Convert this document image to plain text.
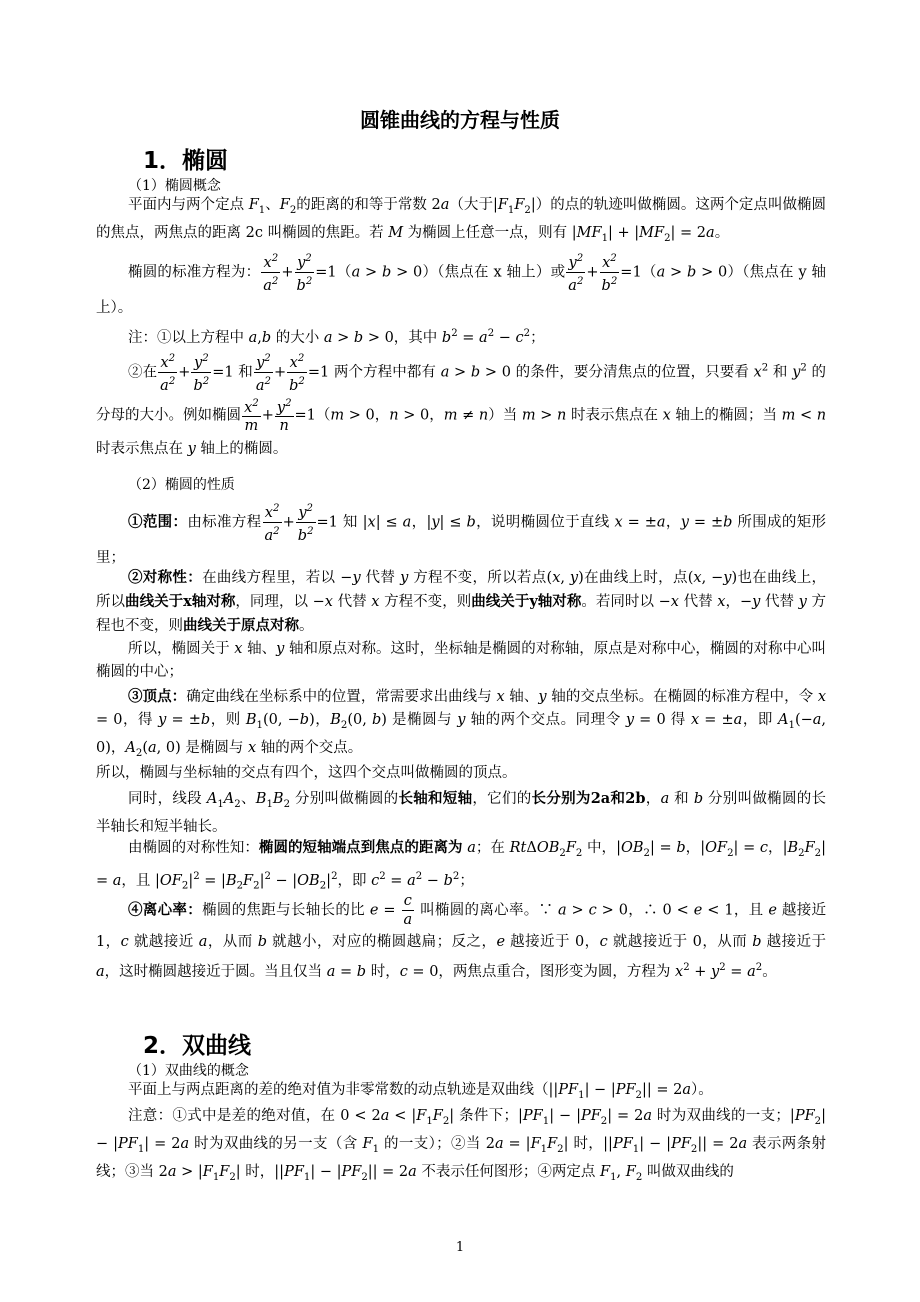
圆锥曲线的方程与性质
1．椭圆
（1）椭圆概念
平面内与两个定点 $F_1$、$F_2$的距离的和等于常数 2a（大于$|F_1F_2|$）的点的轨迹叫做椭圆。这两个定点叫做椭圆的焦点，两焦点的距离 2c 叫椭圆的焦距。若 M 为椭圆上任意一点，则有 $|MF_1| + |MF_2| = 2a$。
椭圆的标准方程为： $\frac{x^2}{a^2} + \frac{y^2}{b^2} =1(a > b > 0)$（焦点在 x 轴上）或 $\frac{y^2}{a^2} + \frac{x^2}{b^2} =1(a > b > 0)$（焦点在 y 轴上）。
注：①以上方程中 a,b 的大小 a > b > 0，其中 $b^2 = a^2 - c^2$；
②在 $\frac{x^2}{a^2} + \frac{y^2}{b^2} =1$ 和 $\frac{y^2}{a^2} + \frac{x^2}{b^2} =1$ 两个方程中都有 a > b > 0 的条件，要分清焦点的位置，只要看 $x^2$ 和 $y^2$ 的分母的大小。例如椭圆 $\frac{x^2}{m} + \frac{y^2}{n} =1(m > 0$，n > 0，m ≠ n）当 m > n 时表示焦点在 x 轴上的椭圆；当 m < n 时表示焦点在 y 轴上的椭圆。
（2）椭圆的性质
①范围：由标准方程 $\frac{x^2}{a^2} + \frac{y^2}{b^2} =1$ 知 |x| ≤ a，|y| ≤ b，说明椭圆位于直线 x = ±a，y = ±b 所围成的矩形里；
②对称性：在曲线方程里，若以 −y 代替 y 方程不变，所以若点(x, y)在曲线上时，点(x, −y)也在曲线上，所以曲线关于x轴对称，同理，以 −x 代替 x 方程不变，则曲线关于y轴对称。若同时以 −x 代替 x，−y 代替 y 方程也不变，则曲线关于原点对称。
所以，椭圆关于 x 轴、y 轴和原点对称。这时，坐标轴是椭圆的对称轴，原点是对称中心，椭圆的对称中心叫椭圆的中心；
③顶点：确定曲线在坐标系中的位置，常需要求出曲线与 x 轴、y 轴的交点坐标。在椭圆的标准方程中，令 x = 0，得 y = ±b，则 $B_1(0$, −b)，$B_2(0$, b) 是椭圆与 y 轴的两个交点。同理令 y = 0 得 x = ±a，即 $A_1(-a$, 0)，$A_2(a$, 0) 是椭圆与 x 轴的两个交点。
所以，椭圆与坐标轴的交点有四个，这四个交点叫做椭圆的顶点。
同时，线段 $A_1A_2$、$B_1B_2$ 分别叫做椭圆的长轴和短轴，它们的长分别为2a和2b，a 和 b 分别叫做椭圆的长半轴长和短半轴长。
由椭圆的对称性知：椭圆的短轴端点到焦点的距离为 a；在 $Rt\Delta OB_2F_2$ 中，$|OB_2| = b$，$|OF_2| = c$，$|B_2F_2| = a$，且 $|OF_2|^2 = |B_2F_2|^2 - |OB_2|^2$，即 $c^2 = a^2 - b^2$；
④离心率：椭圆的焦距与长轴长的比 $e = \frac{c}{a}$ 叫椭圆的离心率。∵ a > c > 0，∴ 0 < e < 1，且 e 越接近 1，c 就越接近 a，从而 b 就越小，对应的椭圆越扁；反之，e 越接近于 0，c 就越接近于 0，从而 b 越接近于 a，这时椭圆越接近于圆。当且仅当 a = b 时，c = 0，两焦点重合，图形变为圆，方程为 $x^2 + y^2 = a^2$。
2．双曲线
（1）双曲线的概念
平面上与两点距离的差的绝对值为非零常数的动点轨迹是双曲线$(||PF_1| - |PF_2|| = 2a)$。
注意：①式中是差的绝对值，在 $0 < 2a < |F_1F_2|$ 条件下；$|PF_1| - |PF_2| = 2a$ 时为双曲线的一支；$|PF_2| - |PF_1| = 2a$ 时为双曲线的另一支（含 $F_1$ 的一支）；②当 $2a = |F_1F_2|$ 时，$||PF_1| - |PF_2|| = 2a$ 表示两条射线；③当 $2a > |F_1F_2|$ 时，$||PF_1| - |PF_2|| = 2a$ 不表示任何图形；④两定点 $F_1$, $F_2$ 叫做双曲线的
1
